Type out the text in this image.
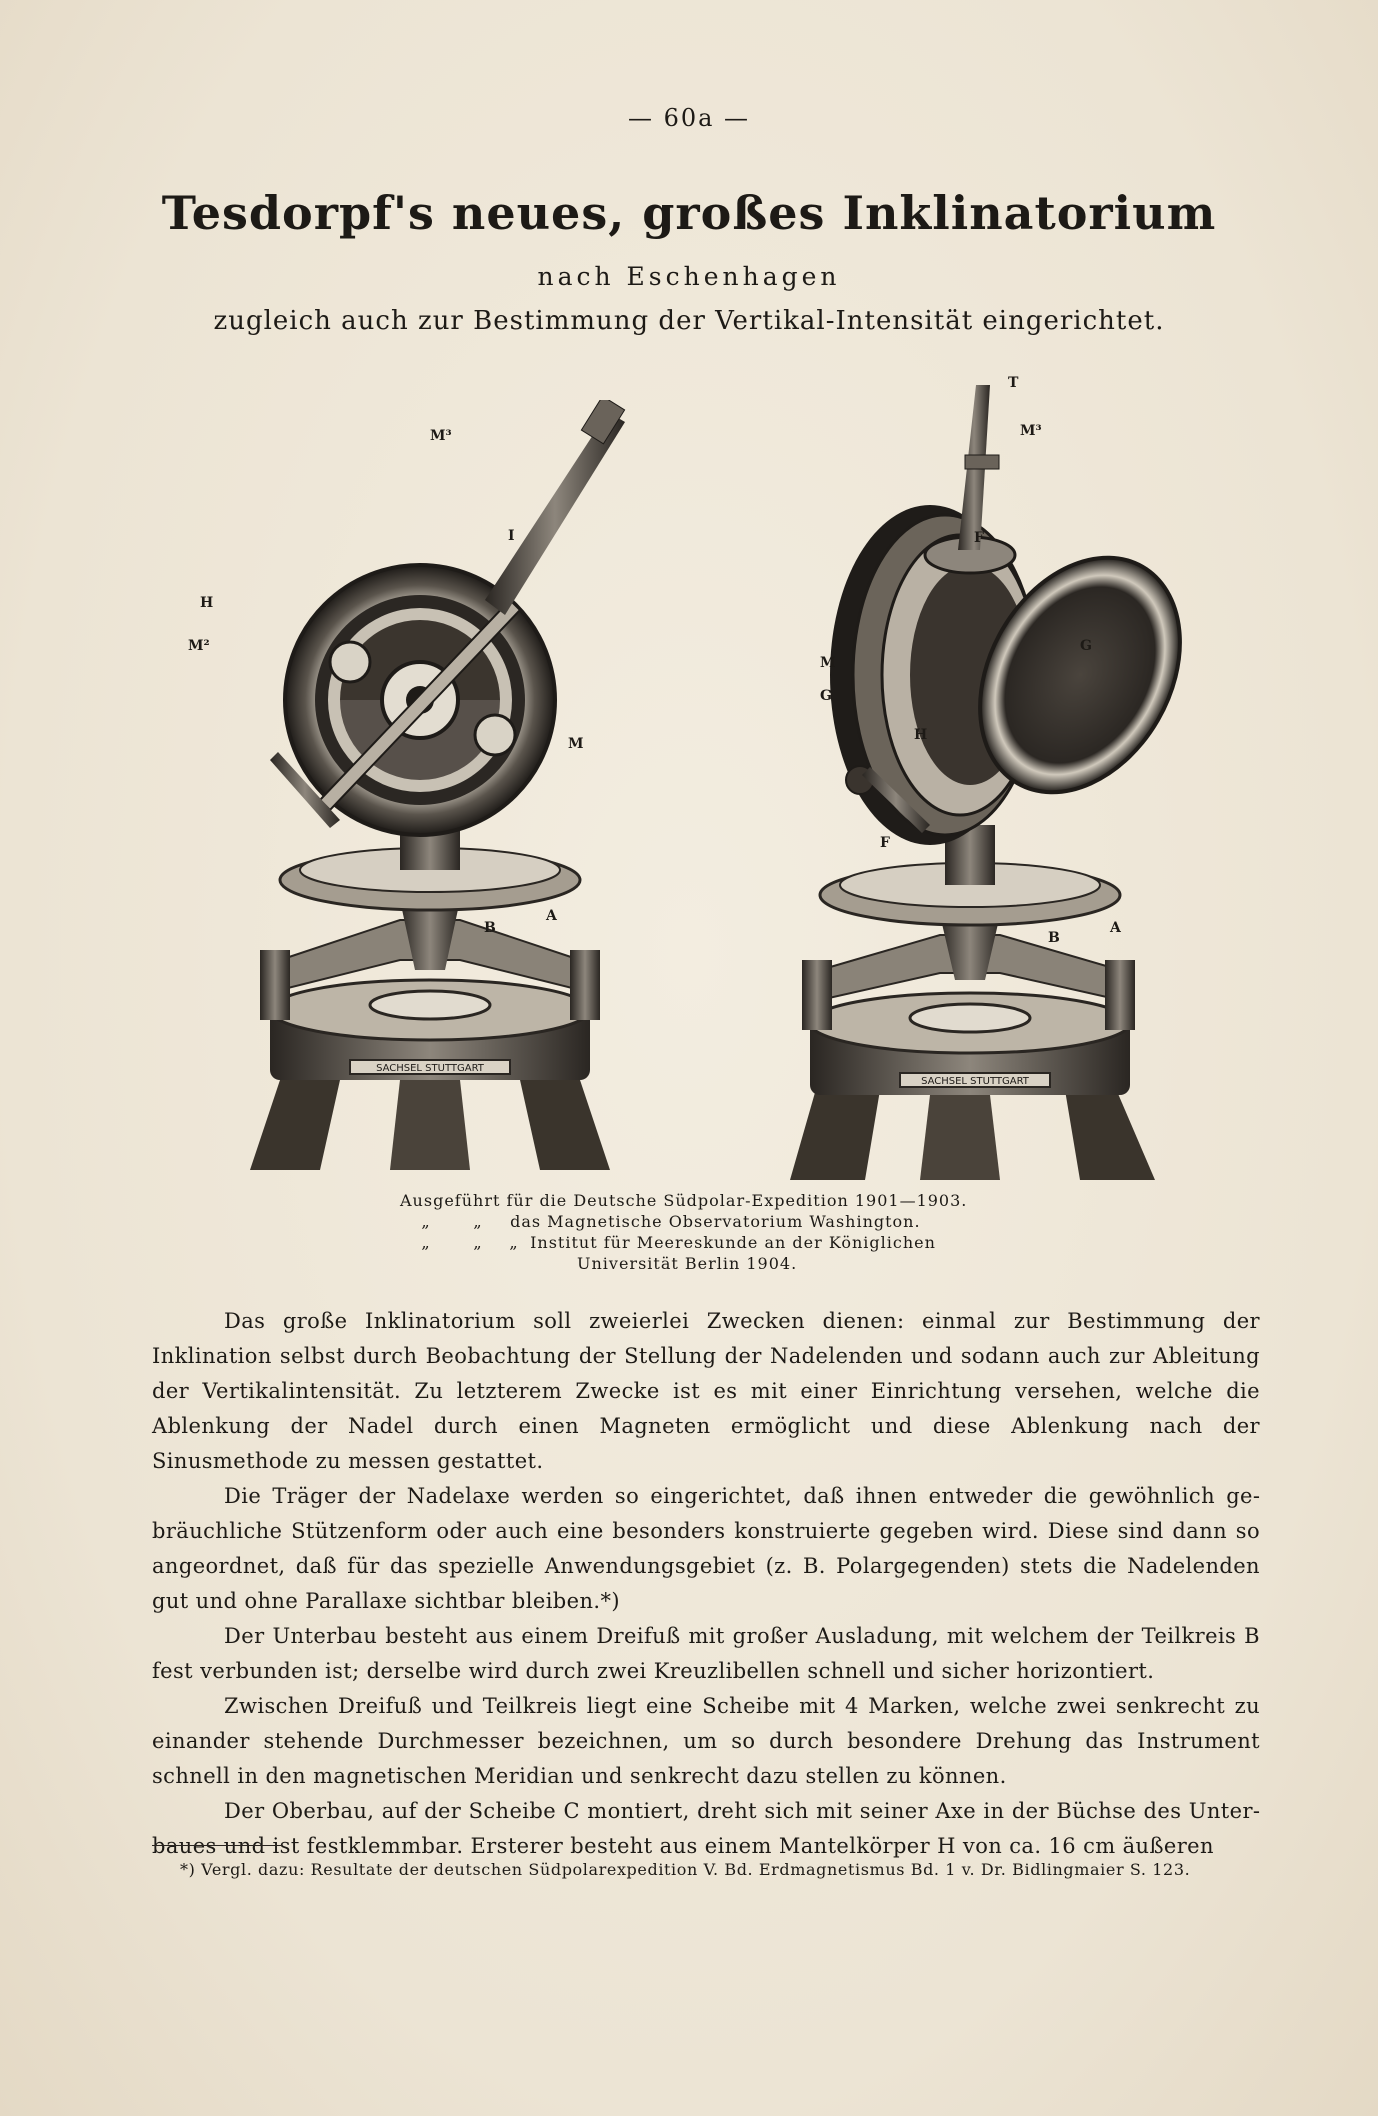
— 60a —
Tesdorpf's neues, großes Inklinatorium
nach Eschenhagen
zugleich auch zur Bestimmung der Vertikal-Intensität eingerichtet.
SACHSEL STUTTGART
M³
I
H
M²
M
B
A
SACHSEL STUTTGART
T
M³
F
M
G
G
H
F
B
A
Ausgeführt für die Deutsche Südpolar-Expedition 1901—1903.
„	„ das Magnetische Observatorium Washington.
„	„ „ Institut für Meereskunde an der Königlichen
Universität Berlin 1904.

Das große Inklinatorium soll zweierlei Zwecken dienen: einmal zur Bestimmung der Inklination selbst durch Beobachtung der Stellung der Nadelenden und sodann auch zur Ableitung der Vertikalintensität. Zu letzterem Zwecke ist es mit einer Einrichtung versehen, welche die Ablenkung der Nadel durch einen Magneten ermöglicht und diese Ablenkung nach der Sinusmethode zu messen gestattet.

Die Träger der Nadelaxe werden so eingerichtet, daß ihnen entweder die gewöhnlich gebräuchliche Stützenform oder auch eine besonders konstruierte gegeben wird. Diese sind dann so angeordnet, daß für das spezielle Anwendungsgebiet (z. B. Polargegenden) stets die Nadelenden gut und ohne Parallaxe sichtbar bleiben.*)

Der Unterbau besteht aus einem Dreifuß mit großer Ausladung, mit welchem der Teilkreis B fest verbunden ist; derselbe wird durch zwei Kreuzlibellen schnell und sicher horizontiert.

Zwischen Dreifuß und Teilkreis liegt eine Scheibe mit 4 Marken, welche zwei senkrecht zu einander stehende Durchmesser bezeichnen, um so durch besondere Drehung das Instrument schnell in den magnetischen Meridian und senkrecht dazu stellen zu können.

Der Oberbau, auf der Scheibe C montiert, dreht sich mit seiner Axe in der Büchse des Unterbaues und ist festklemmbar. Ersterer besteht aus einem Mantelkörper H von ca. 16 cm äußeren

*) Vergl. dazu: Resultate der deutschen Südpolarexpedition V. Bd. Erdmagnetismus Bd. 1 v. Dr. Bidlingmaier S. 123.
